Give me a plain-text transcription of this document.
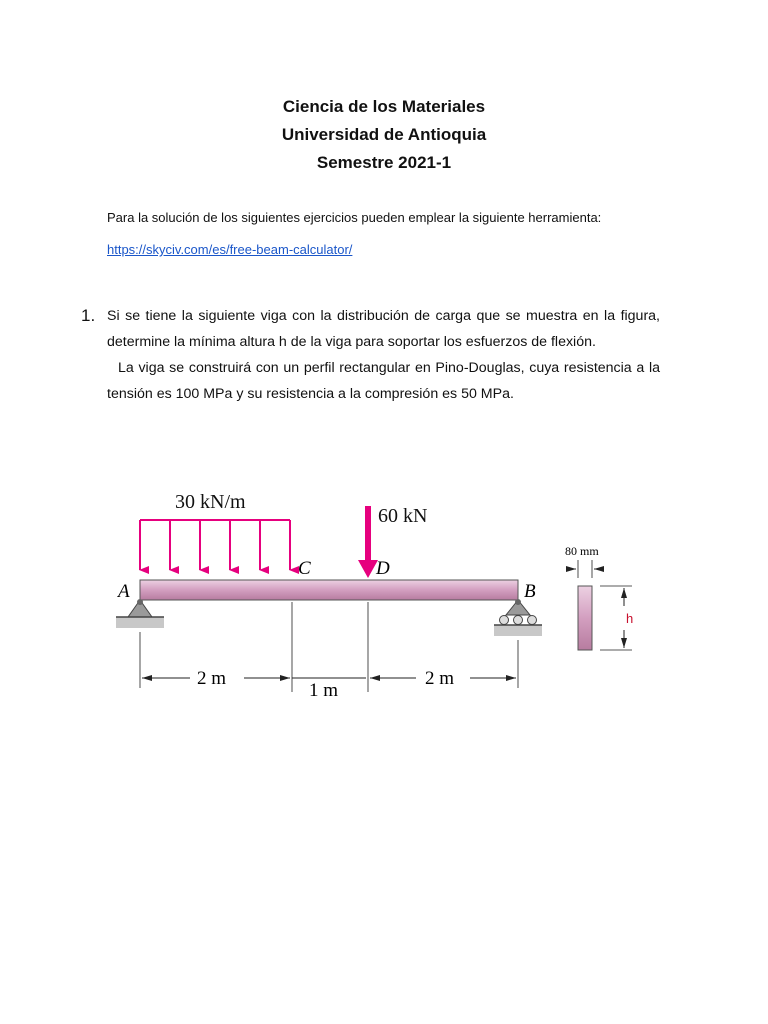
Ciencia de los Materiales
Universidad de Antioquia
Semestre 2021-1
Para la solución de los siguientes ejercicios pueden emplear la siguiente herramienta:
https://skyciv.com/es/free-beam-calculator/
1. Si se tiene la siguiente viga con la distribución de carga que se muestra en la figura, determine la mínima altura h de la viga para soportar los esfuerzos de flexión.

La viga se construirá con un perfil rectangular en Pino-Douglas, cuya resistencia a la tensión es 100 MPa y su resistencia a la compresión es 50 MPa.

30 kN/m
60 kN
A
C	D
B
2 m
1 m
2 m
80 mm
h
